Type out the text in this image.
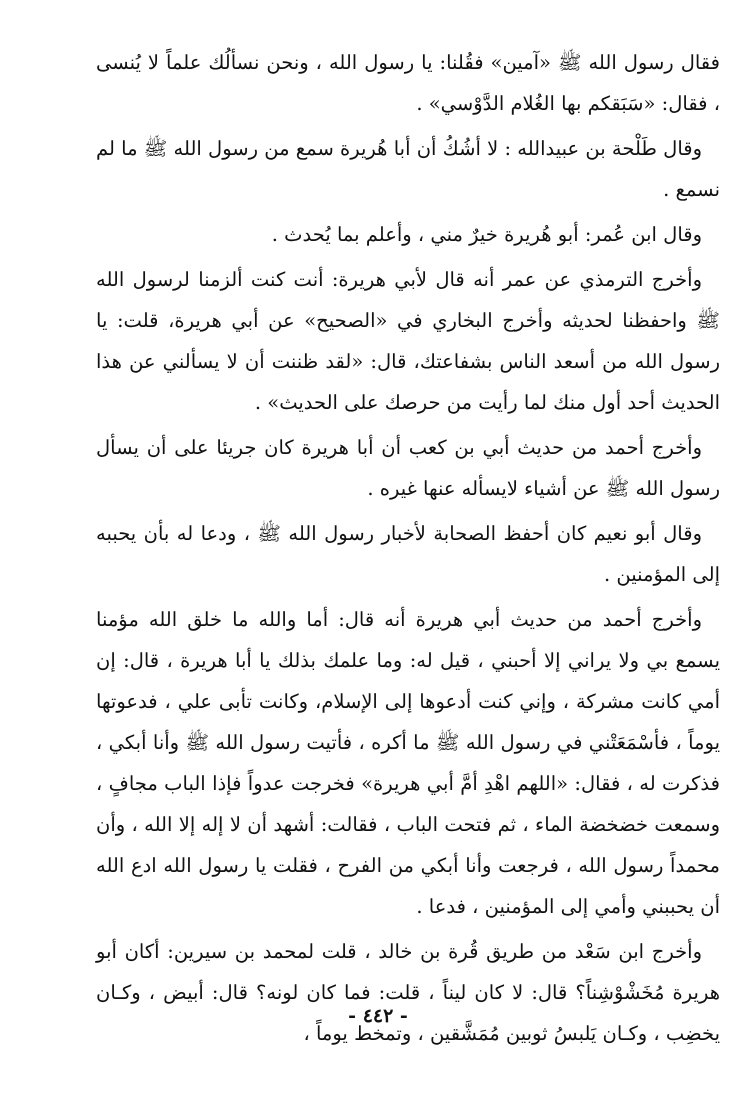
فقال رسول الله ﷺ «آمين» فقُلنا: يا رسول الله ، ونحن نسألُك علماً لا يُنسى ، فقال: «سَبَقكم بها الغُلام الدَّوْسي» .

وقال طَلْحة بن عبيدالله : لا أشُكُ أن أبا هُريرة سمع من رسول الله ﷺ ما لم نسمع .

وقال ابن عُمر: أبو هُريرة خيرٌ مني ، وأعلم بما يُحدث .

وأخرج الترمذي عن عمر أنه قال لأبي هريرة: أنت كنت ألزمنا لرسول الله ﷺ واحفظنا لحديثه وأخرج البخاري في «الصحيح» عن أبي هريرة، قلت: يا رسول الله من أسعد الناس بشفاعتك، قال: «لقد ظننت أن لا يسألني عن هذا الحديث أحد أول منك لما رأيت من حرصك على الحديث» .

وأخرج أحمد من حديث أبي بن كعب أن أبا هريرة كان جريئا على أن يسأل رسول الله ﷺ عن أشياء لايسأله عنها غيره .

وقال أبو نعيم كان أحفظ الصحابة لأخبار رسول الله ﷺ ، ودعا له بأن يحببه إلى المؤمنين .

وأخرج أحمد من حديث أبي هريرة أنه قال: أما والله ما خلق الله مؤمنا يسمع بي ولا يراني إلا أحبني ، قيل له: وما علمك بذلك يا أبا هريرة ، قال: إن أمي كانت مشركة ، وإني كنت أدعوها إلى الإسلام، وكانت تأبى علي ، فدعوتها يوماً ، فأسْمَعَتْني في رسول الله ﷺ ما أكره ، فأتيت رسول الله ﷺ وأنا أبكي ، فذكرت له ، فقال: «اللهم اهْدِ أمَّ أبي هريرة» فخرجت عدواً فإذا الباب مجافٍ ، وسمعت خضخضة الماء ، ثم فتحت الباب ، فقالت: أشهد أن لا إله إلا الله ، وأن محمداً رسول الله ، فرجعت وأنا أبكي من الفرح ، فقلت يا رسول الله ادع الله أن يحببني وأمي إلى المؤمنين ، فدعا .

وأخرج ابن سَعْد من طريق قُرة بن خالد ، قلت لمحمد بن سيرين: أكان أبو هريرة مُخَشْوْشِناً؟ قال: لا كان ليناً ، قلت: فما كان لونه؟ قال: أبيض ، وكـان يخضِب ، وكـان يَلبسُ ثوبين مُمَشَّقين ، وتمخط يوماً ،

- ٤٤٢ -
